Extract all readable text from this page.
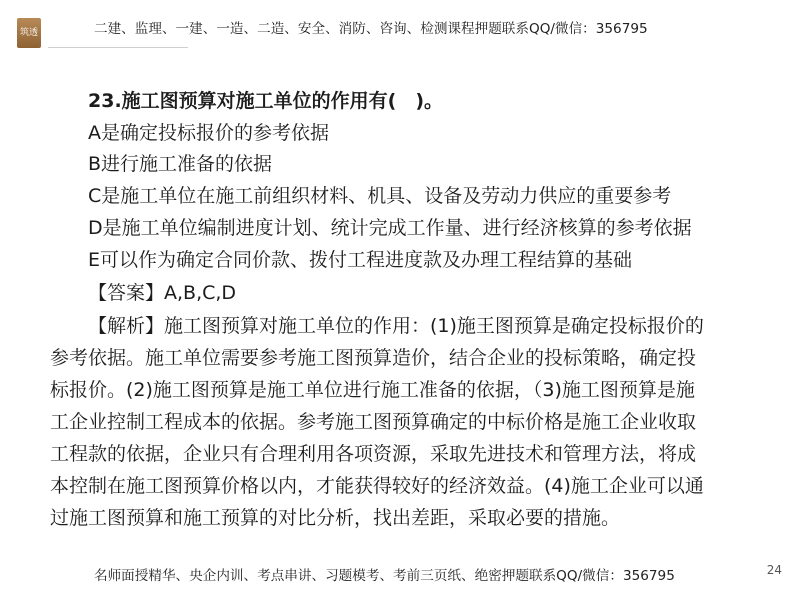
筑透	二建、监理、一建、一造、二造、安全、消防、咨询、检测课程押题联系QQ/微信：356795
23.施工图预算对施工单位的作用有(　)。
A是确定投标报价的参考依据
B进行施工准备的依据
C是施工单位在施工前组织材料、机具、设备及劳动力供应的重要参考
D是施工单位编制进度计划、统计完成工作量、进行经济核算的参考依据
E可以作为确定合同价款、拨付工程进度款及办理工程结算的基础
【答案】A,B,C,D
【解析】施工图预算对施工单位的作用：(1)施王图预算是确定投标报价的
参考依据。施工单位需要参考施工图预算造价，结合企业的投标策略，确定投
标报价。(2)施工图预算是施工单位进行施工准备的依据，（3)施工图预算是施
工企业控制工程成本的依据。参考施工图预算确定的中标价格是施工企业收取
工程款的依据，企业只有合理利用各项资源，采取先进技术和管理方法，将成
本控制在施工图预算价格以内，才能获得较好的经济效益。(4)施工企业可以通
过施工图预算和施工预算的对比分析，找出差距，采取必要的措施。
名师面授精华、央企内训、考点串讲、习题模考、考前三页纸、绝密押题联系QQ/微信：356795	24
